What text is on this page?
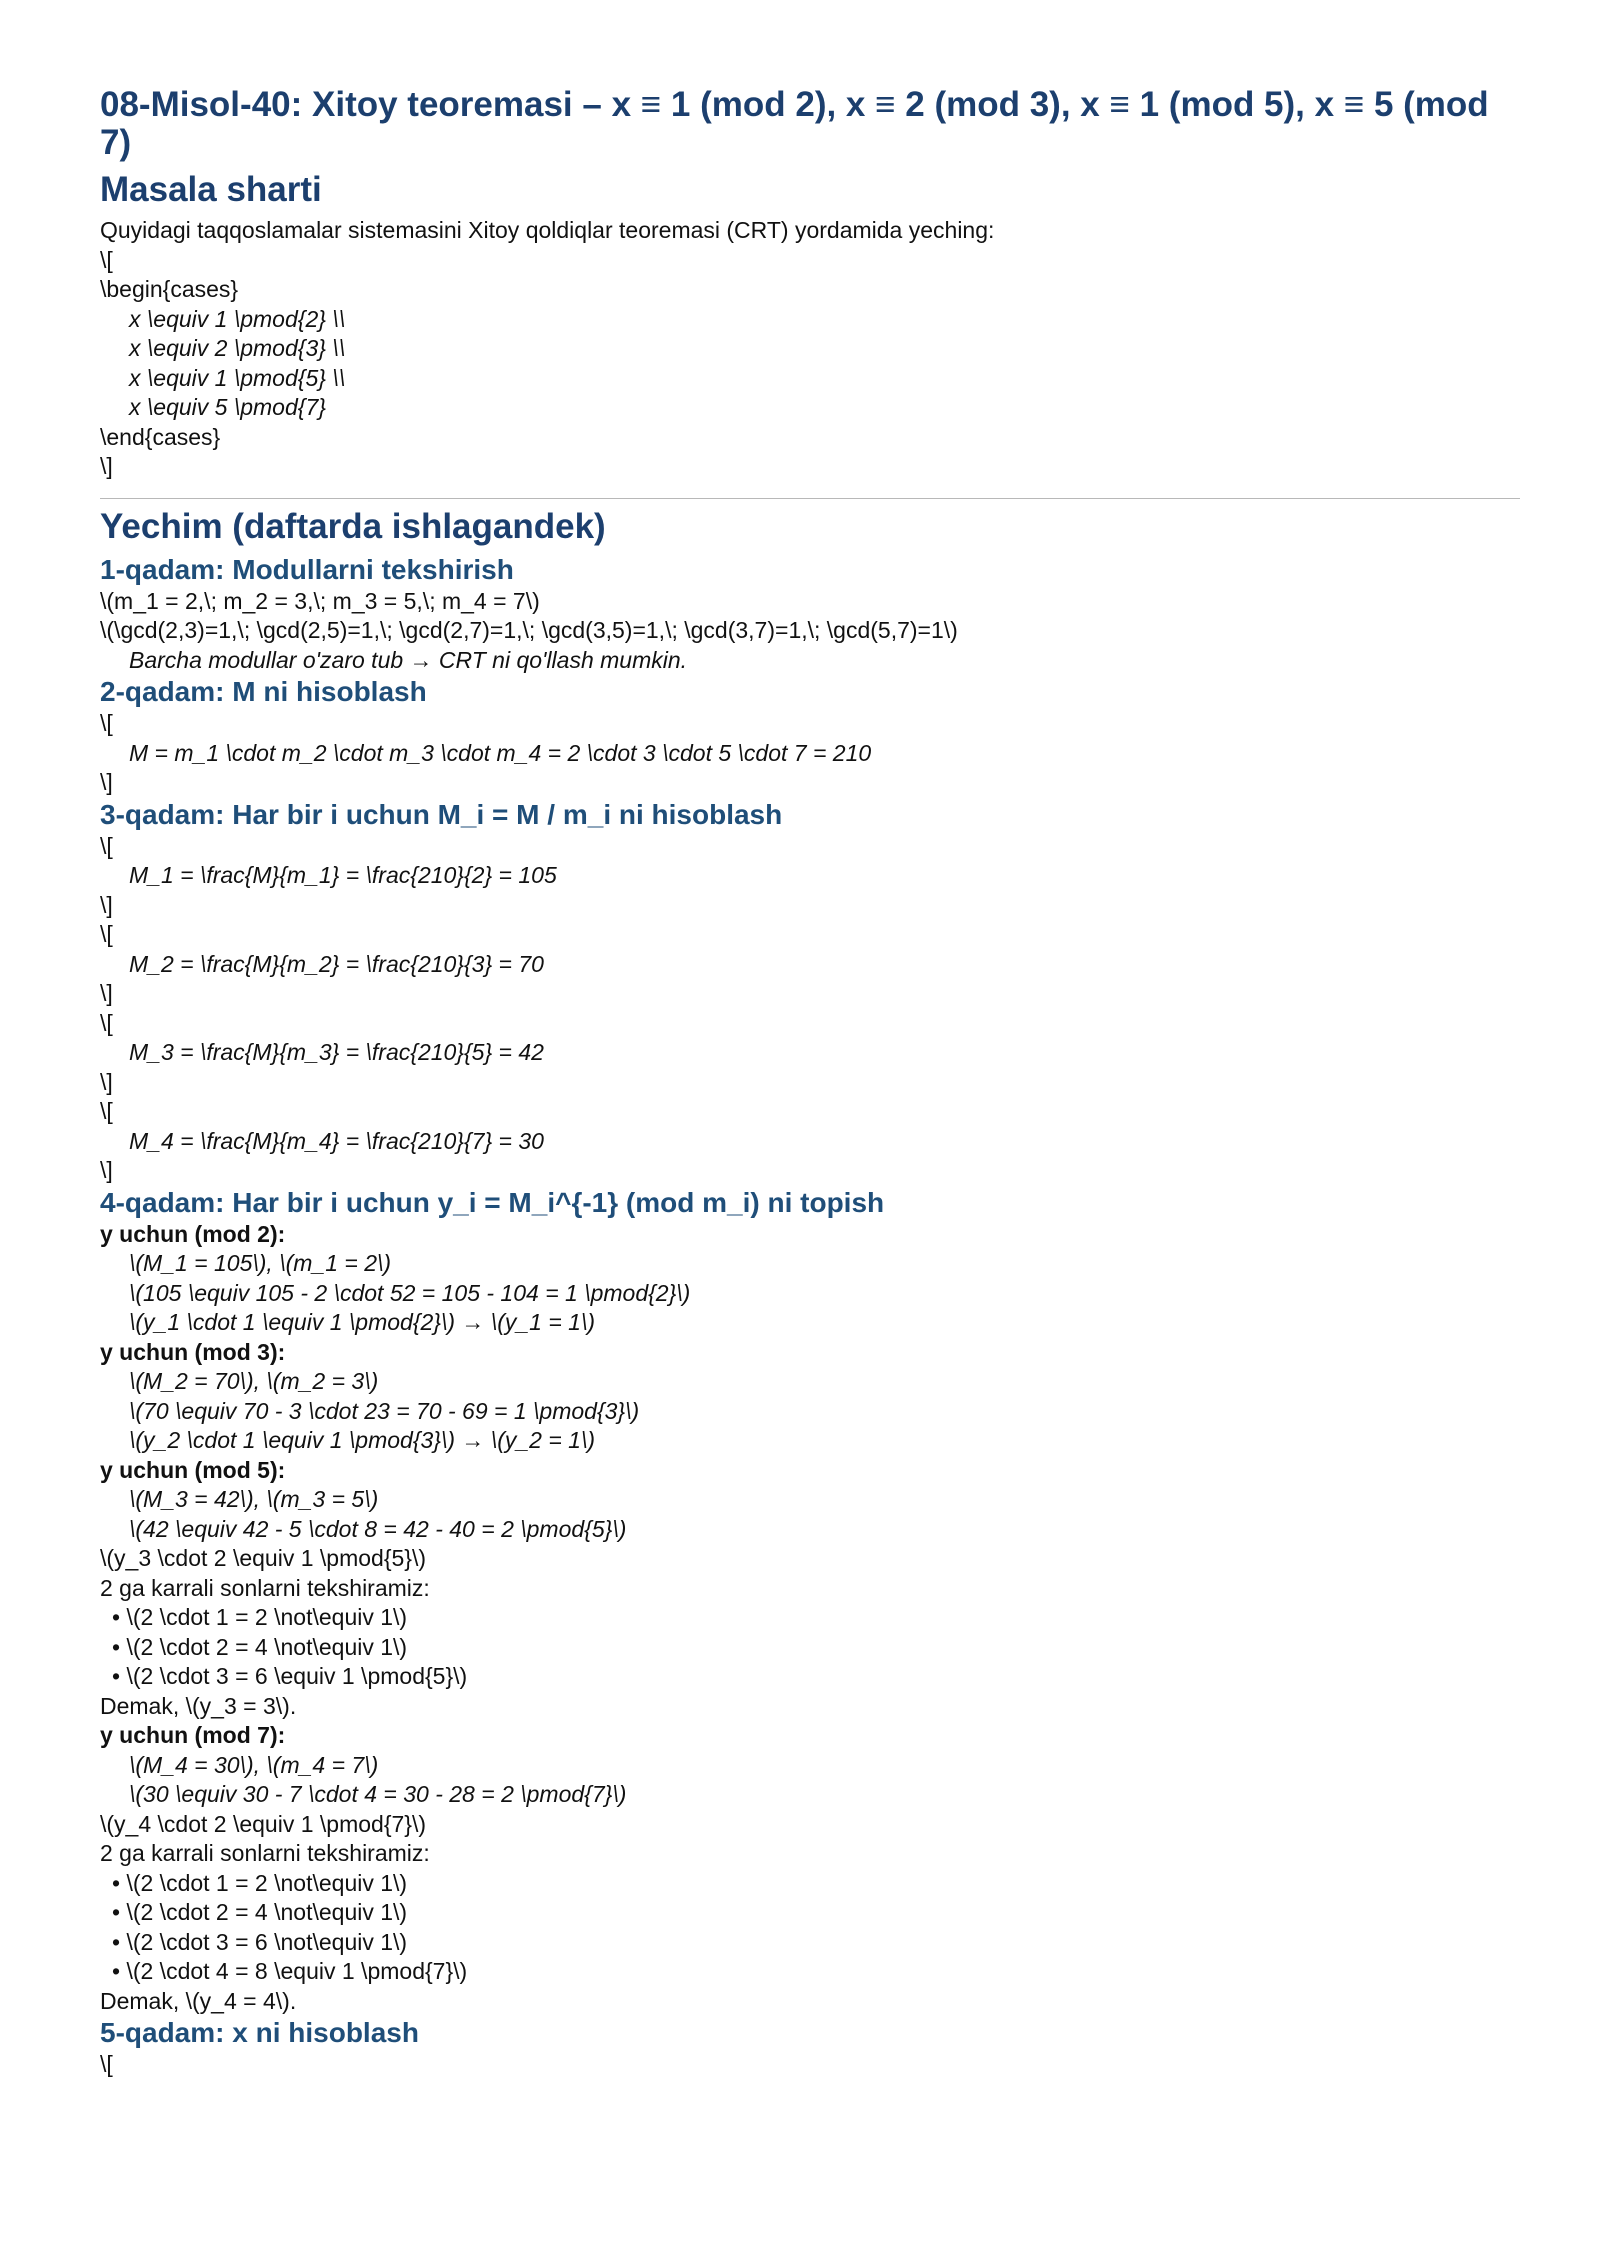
08-Misol-40: Xitoy teoremasi – x ≡ 1 (mod 2), x ≡ 2 (mod 3), x ≡ 1 (mod 5), x ≡ 5 (mod 7)
Masala sharti
Quyidagi taqqoslamalar sistemasini Xitoy qoldiqlar teoremasi (CRT) yordamida yeching:
\[
\begin{cases}
x \equiv 1 \pmod{2} \\
x \equiv 2 \pmod{3} \\
x \equiv 1 \pmod{5} \\
x \equiv 5 \pmod{7}
\end{cases}
\]
Yechim (daftarda ishlagandek)
1-qadam: Modullarni tekshirish
\(m_1 = 2,\; m_2 = 3,\; m_3 = 5,\; m_4 = 7\)
\(\gcd(2,3)=1,\; \gcd(2,5)=1,\; \gcd(2,7)=1,\; \gcd(3,5)=1,\; \gcd(3,7)=1,\; \gcd(5,7)=1\)
Barcha modullar o'zaro tub → CRT ni qo'llash mumkin.
2-qadam: M ni hisoblash
\[
M = m_1 \cdot m_2 \cdot m_3 \cdot m_4 = 2 \cdot 3 \cdot 5 \cdot 7 = 210
\]
3-qadam: Har bir i uchun M_i = M / m_i ni hisoblash
\[
M_1 = \frac{M}{m_1} = \frac{210}{2} = 105
\]
\[
M_2 = \frac{M}{m_2} = \frac{210}{3} = 70
\]
\[
M_3 = \frac{M}{m_3} = \frac{210}{5} = 42
\]
\[
M_4 = \frac{M}{m_4} = \frac{210}{7} = 30
\]
4-qadam: Har bir i uchun y_i = M_i^{-1} (mod m_i) ni topish
y uchun (mod 2):
\(M_1 = 105\), \(m_1 = 2\)
\(105 \equiv 105 - 2 \cdot 52 = 105 - 104 = 1 \pmod{2}\)
\(y_1 \cdot 1 \equiv 1 \pmod{2}\) → \(y_1 = 1\)
y uchun (mod 3):
\(M_2 = 70\), \(m_2 = 3\)
\(70 \equiv 70 - 3 \cdot 23 = 70 - 69 = 1 \pmod{3}\)
\(y_2 \cdot 1 \equiv 1 \pmod{3}\) → \(y_2 = 1\)
y uchun (mod 5):
\(M_3 = 42\), \(m_3 = 5\)
\(42 \equiv 42 - 5 \cdot 8 = 42 - 40 = 2 \pmod{5}\)
\(y_3 \cdot 2 \equiv 1 \pmod{5}\)
2 ga karrali sonlarni tekshiramiz:
• \(2 \cdot 1 = 2 \not\equiv 1\)
• \(2 \cdot 2 = 4 \not\equiv 1\)
• \(2 \cdot 3 = 6 \equiv 1 \pmod{5}\)
Demak, \(y_3 = 3\).
y uchun (mod 7):
\(M_4 = 30\), \(m_4 = 7\)
\(30 \equiv 30 - 7 \cdot 4 = 30 - 28 = 2 \pmod{7}\)
\(y_4 \cdot 2 \equiv 1 \pmod{7}\)
2 ga karrali sonlarni tekshiramiz:
• \(2 \cdot 1 = 2 \not\equiv 1\)
• \(2 \cdot 2 = 4 \not\equiv 1\)
• \(2 \cdot 3 = 6 \not\equiv 1\)
• \(2 \cdot 4 = 8 \equiv 1 \pmod{7}\)
Demak, \(y_4 = 4\).
5-qadam: x ni hisoblash
\[
